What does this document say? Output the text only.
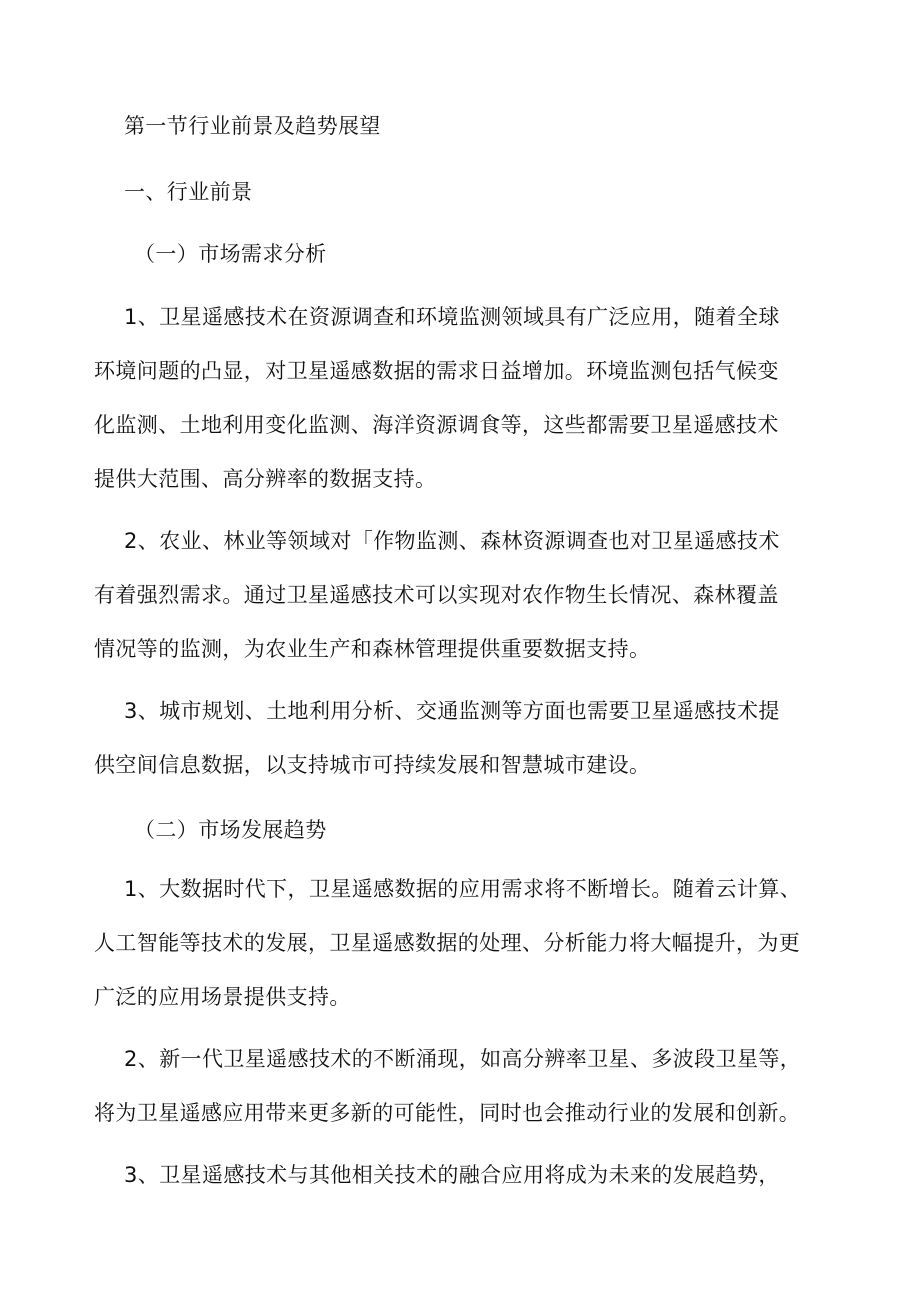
第一节行业前景及趋势展望
一、行业前景
（一）市场需求分析
1、卫星遥感技术在资源调查和环境监测领域具有广泛应用，随着全球
环境问题的凸显，对卫星遥感数据的需求日益增加。环境监测包括气候变
化监测、土地利用变化监测、海洋资源调食等，这些都需要卫星遥感技术
提供大范围、高分辨率的数据支持。
2、农业、林业等领域对「作物监测、森林资源调查也对卫星遥感技术
有着强烈需求。通过卫星遥感技术可以实现对农作物生长情况、森林覆盖
情况等的监测，为农业生产和森林管理提供重要数据支持。
3、城市规划、土地利用分析、交通监测等方面也需要卫星遥感技术提
供空间信息数据，以支持城市可持续发展和智慧城市建设。
（二）市场发展趋势
1、大数据时代下，卫星遥感数据的应用需求将不断增长。随着云计算、
人工智能等技术的发展，卫星遥感数据的处理、分析能力将大幅提升，为更
广泛的应用场景提供支持。
2、新一代卫星遥感技术的不断涌现，如高分辨率卫星、多波段卫星等，
将为卫星遥感应用带来更多新的可能性，同时也会推动行业的发展和创新。
3、卫星遥感技术与其他相关技术的融合应用将成为未来的发展趋势，
